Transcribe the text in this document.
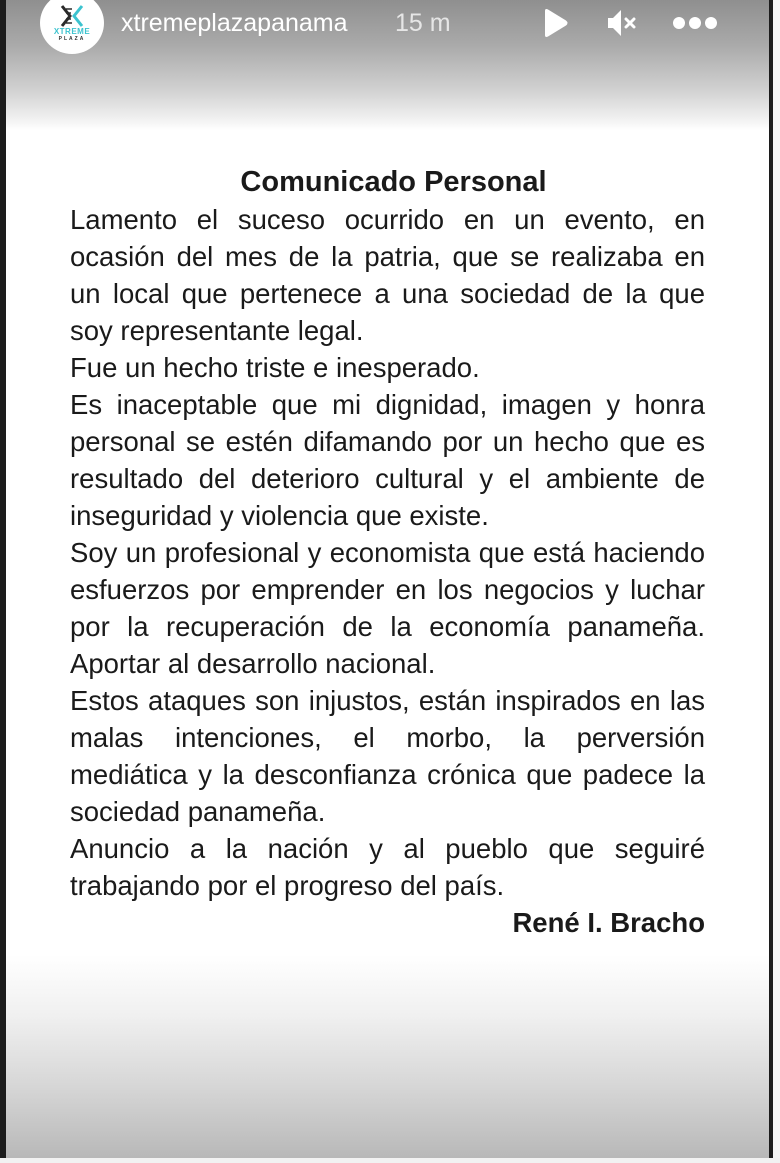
Comunicado Personal

Lamento el suceso ocurrido en un evento, en ocasión del mes de la patria, que se realizaba en un local que pertenece a una sociedad de la que soy representante legal.

Fue un hecho triste e inesperado.

Es inaceptable que mi dignidad, imagen y honra personal se estén difamando por un hecho que es resultado del deterioro cultural y el ambiente de inseguridad y violencia que existe.

Soy un profesional y economista que está haciendo esfuerzos por emprender en los negocios y luchar por la recuperación de la economía panameña. Aportar al desarrollo nacional.

Estos ataques son injustos, están inspirados en las malas intenciones, el morbo, la perversión mediática y la desconfianza crónica que padece la sociedad panameña.

Anuncio a la nación y al pueblo que seguiré trabajando por el progreso del país.

René I. Bracho
XTREME
PLAZA
xtremeplazapanama 15 m
